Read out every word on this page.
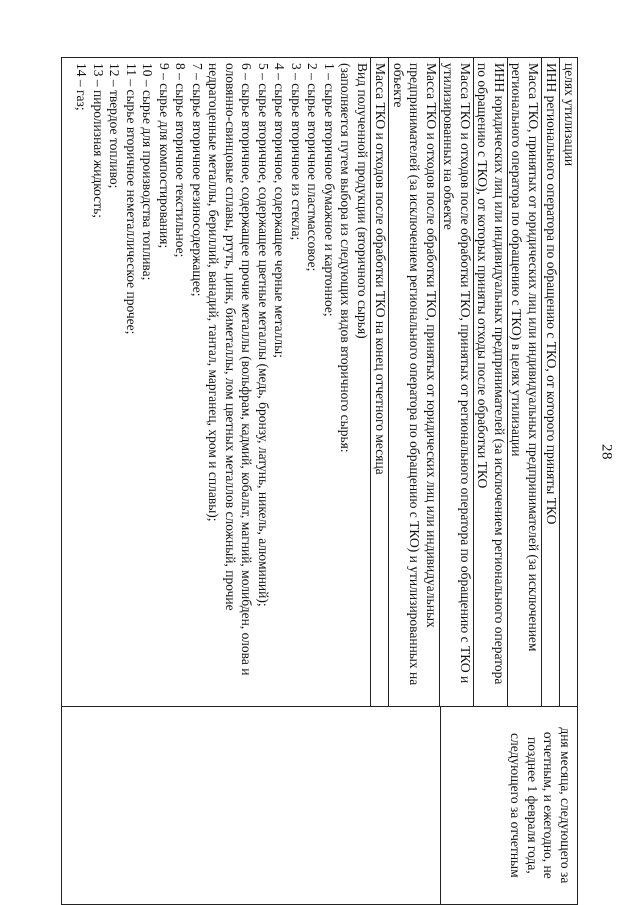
28
целях утилизации
ИНН регионального оператора по обращению с ТКО, от которого приняты ТКО
Масса ТКО, принятых от юридических лиц или индивидуальных предпринимателей (за исключением регионального оператора по обращению с ТКО) в целях утилизации
ИНН юридических лиц или индивидуальных предпринимателей (за исключением регионального оператора по обращению с ТКО), от которых приняты отходы после обработки ТКО
Масса ТКО и отходов после обработки ТКО, принятых от регионального оператора по обращению с ТКО и утилизированных на объекте
Масса ТКО и отходов после обработки ТКО, принятых от юридических лиц или индивидуальных предпринимателей (за исключением регионального оператора по обращению с ТКО) и утилизированных на объекте
Масса ТКО и отходов после обработки ТКО на конец отчетного месяца
Вид полученной продукции (вторичного сырья)
(заполняется путем выбора из следующих видов вторичного сырья:
1 – сырье вторичное бумажное и картонное;
2 – сырье вторичное пластмассовое;
3 – сырье вторичное из стекла;
4 – сырье вторичное, содержащее черные металлы;
5 – сырье вторичное, содержащее цветные металлы (медь, бронзу, латунь, никель, алюминий);
6 – сырье вторичное, содержащее прочие металлы (вольфрам, кадмий, кобальт, магний, молибден, олова и оловянно-свинцовые сплавы, ртуть, цинк, биметаллы, лом цветных металлов сложный, прочие недрагоценные металлы, бериллий, ванадий, тантал, марганец, хром и сплавы);
7 – сырье вторичное резиносодержащее;
8 – сырье вторичное текстильное;
9 – сырье для компостирования;
10 – сырье для производства топлива;
11 – сырье вторичное неметаллическое прочее;
12 – твердое топливо;
13 – пиролизная жидкость;
14 – газ;
дня месяца, следующего за отчетным, и ежегодно, не позднее 1 февраля года, следующего за отчетным
